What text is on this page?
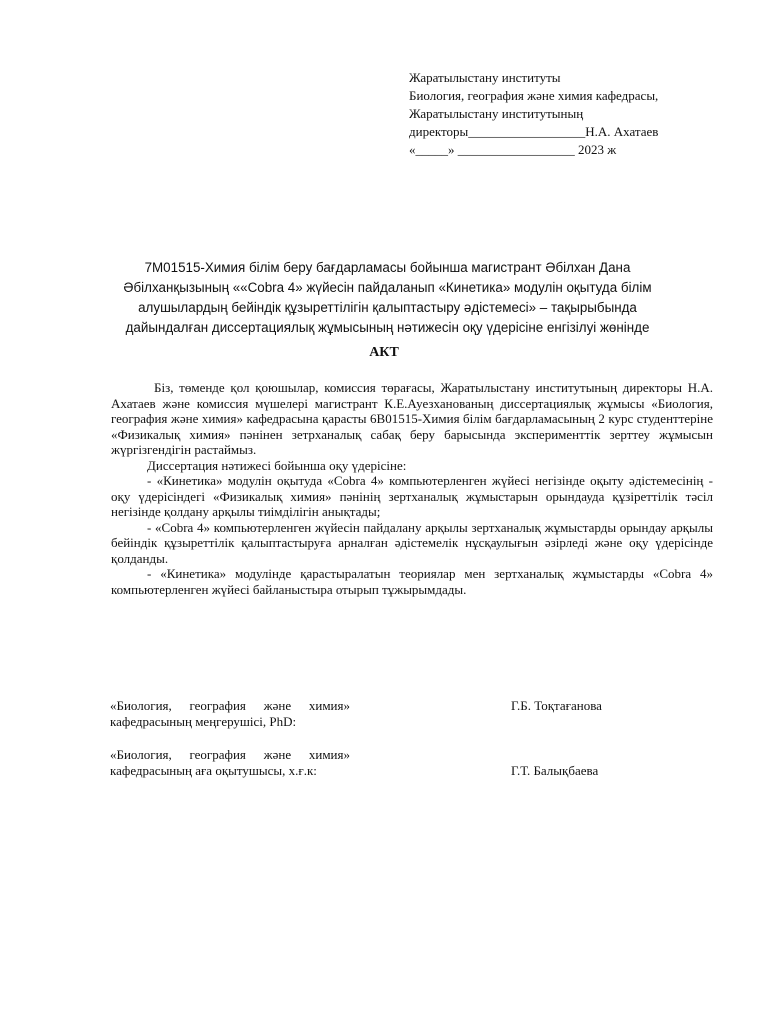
Жаратылыстану институты
Биология, география және химия кафедрасы,
Жаратылыстану институтының
директоры__________________Н.А. Ахатаев
«_____» __________________ 2023 ж
7M01515-Химия білім беру бағдарламасы бойынша магистрант Әбілхан Дана
Әбілханқызының ««Cobra 4» жүйесін пайдаланып «Кинетика» модулін оқытуда білім
алушылардың бейіндік құзыреттілігін қалыптастыру әдістемесі» – тақырыбында
дайындалған диссертациялық жұмысының нәтижесін оқу үдерісіне енгізілуі жөнінде
АКТ

Біз, төменде қол қоюшылар, комиссия төрағасы, Жаратылыстану институтының директоры Н.А. Ахатаев және комиссия мүшелері магистрант К.Е.Ауезханованың диссертациялық жұмысы «Биология, география және химия» кафедрасына қарасты 6В01515-Химия білім бағдарламасының 2 курс студенттеріне «Физикалық химия» пәнінен зетрханалық сабақ беру барысында эксперименттік зерттеу жұмысын жүргізгендігін растаймыз.

Диссертация нәтижесі бойынша оқу үдерісіне:

- «Кинетика» модулін оқытуда «Cobra 4» компьютерленген жүйесі негізінде оқыту әдістемесінің - оқу үдерісіндегі «Физикалық химия» пәнінің зертханалық жұмыстарын орындауда құзіреттілік тәсіл негізінде қолдану арқылы тиімділігін анықтады;

- «Cobra 4» компьютерленген жүйесін пайдалану арқылы зертханалық жұмыстарды орындау арқылы бейіндік құзыреттілік қалыптастыруға арналған әдістемелік нұсқаулығын әзірледі және оқу үдерісінде қолданды.

- «Кинетика» модулінде қарастыралатын теориялар мен зертханалық жұмыстарды «Cobra 4» компьютерленген жүйесі байланыстыра отырып тұжырымдады.

«Биология, география және химия» кафедрасының меңгерушісі, PhD:
Г.Б. Тоқтағанова
«Биология, география және химия» кафедрасының аға оқытушысы, х.ғ.к:	Г.Т. Балықбаева
